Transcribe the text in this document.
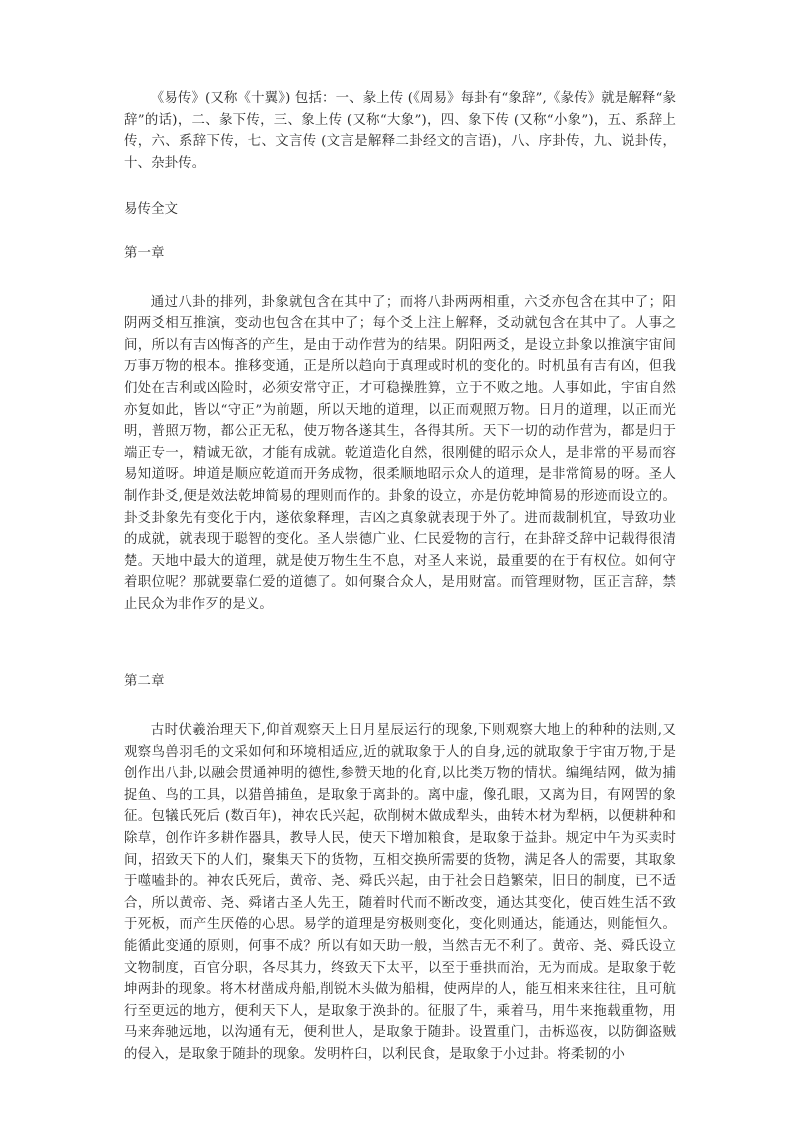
《易传》(又称《十翼》) 包括：一、彖上传 (《周易》每卦有“象辞”,《彖传》就是解释“彖辞”的话)，二、彖下传，三、象上传 (又称“大象”)，四、象下传 (又称“小象”)，五、系辞上传，六、系辞下传，七、文言传 (文言是解释二卦经文的言语)，八、序卦传，九、说卦传，十、杂卦传。

易传全文

第一章

通过八卦的排列，卦象就包含在其中了；而将八卦两两相重，六爻亦包含在其中了；阳阴两爻相互推演，变动也包含在其中了；每个爻上注上解释，爻动就包含在其中了。人事之间，所以有吉凶悔吝的产生，是由于动作营为的结果。阴阳两爻，是设立卦象以推演宇宙间万事万物的根本。推移变通，正是所以趋向于真理或时机的变化的。时机虽有吉有凶，但我们处在吉利或凶险时，必须安常守正，才可稳操胜算，立于不败之地。人事如此，宇宙自然亦复如此，皆以“守正”为前题，所以天地的道理，以正而观照万物。日月的道理，以正而光明，普照万物，都公正无私，使万物各遂其生，各得其所。天下一切的动作营为，都是归于端正专一，精诚无欲，才能有成就。乾道造化自然，很刚健的昭示众人，是非常的平易而容易知道呀。坤道是顺应乾道而开务成物，很柔顺地昭示众人的道理，是非常简易的呀。圣人制作卦爻,便是效法乾坤简易的理则而作的。卦象的设立，亦是仿乾坤简易的形迹而设立的。卦爻卦象先有变化于内，遂依象释理，吉凶之真象就表现于外了。进而裁制机宜，导致功业的成就，就表现于聪智的变化。圣人崇德广业、仁民爱物的言行，在卦辞爻辞中记载得很清楚。天地中最大的道理，就是使万物生生不息，对圣人来说，最重要的在于有权位。如何守着职位呢？那就要靠仁爱的道德了。如何聚合众人，是用财富。而管理财物，匡正言辞，禁止民众为非作歹的是义。

第二章

古时伏羲治理天下,仰首观察天上日月星辰运行的现象,下则观察大地上的种种的法则,又观察鸟兽羽毛的文采如何和环境相适应,近的就取象于人的自身,远的就取象于宇宙万物,于是创作出八卦,以融会贯通神明的德性,参赞天地的化育,以比类万物的情状。编绳结网，做为捕捉鱼、鸟的工具，以猎兽捕鱼，是取象于离卦的。离中虚，像孔眼，又离为目，有网罟的象征。包犠氏死后 (数百年)，神农氏兴起，砍削树木做成犁头，曲转木材为犁柄，以便耕种和除草，创作许多耕作器具，教导人民，使天下增加粮食，是取象于益卦。规定中午为买卖时间，招致天下的人们，聚集天下的货物，互相交换所需要的货物，满足各人的需要，其取象于噬嗑卦的。神农氏死后，黄帝、尧、舜氏兴起，由于社会日趋繁荣，旧日的制度，已不适合，所以黄帝、尧、舜诸古圣人先王，随着时代而不断改变，通达其变化，使百姓生活不致于死板，而产生厌倦的心思。易学的道理是穷极则变化，变化则通达，能通达，则能恒久。能循此变通的原则，何事不成？所以有如天助一般，当然吉无不利了。黄帝、尧、舜氏设立文物制度，百官分职，各尽其力，终致天下太平，以至于垂拱而治，无为而成。是取象于乾坤两卦的现象。将木材凿成舟船,削锐木头做为船楫，使两岸的人，能互相来来往往，且可航行至更远的地方，便利天下人，是取象于涣卦的。征服了牛，乘着马，用牛来拖载重物，用马来奔驰远地，以沟通有无，便利世人，是取象于随卦。设置重门，击柝巡夜，以防御盗贼的侵入，是取象于随卦的现象。发明杵臼，以利民食，是取象于小过卦。将柔韧的小
